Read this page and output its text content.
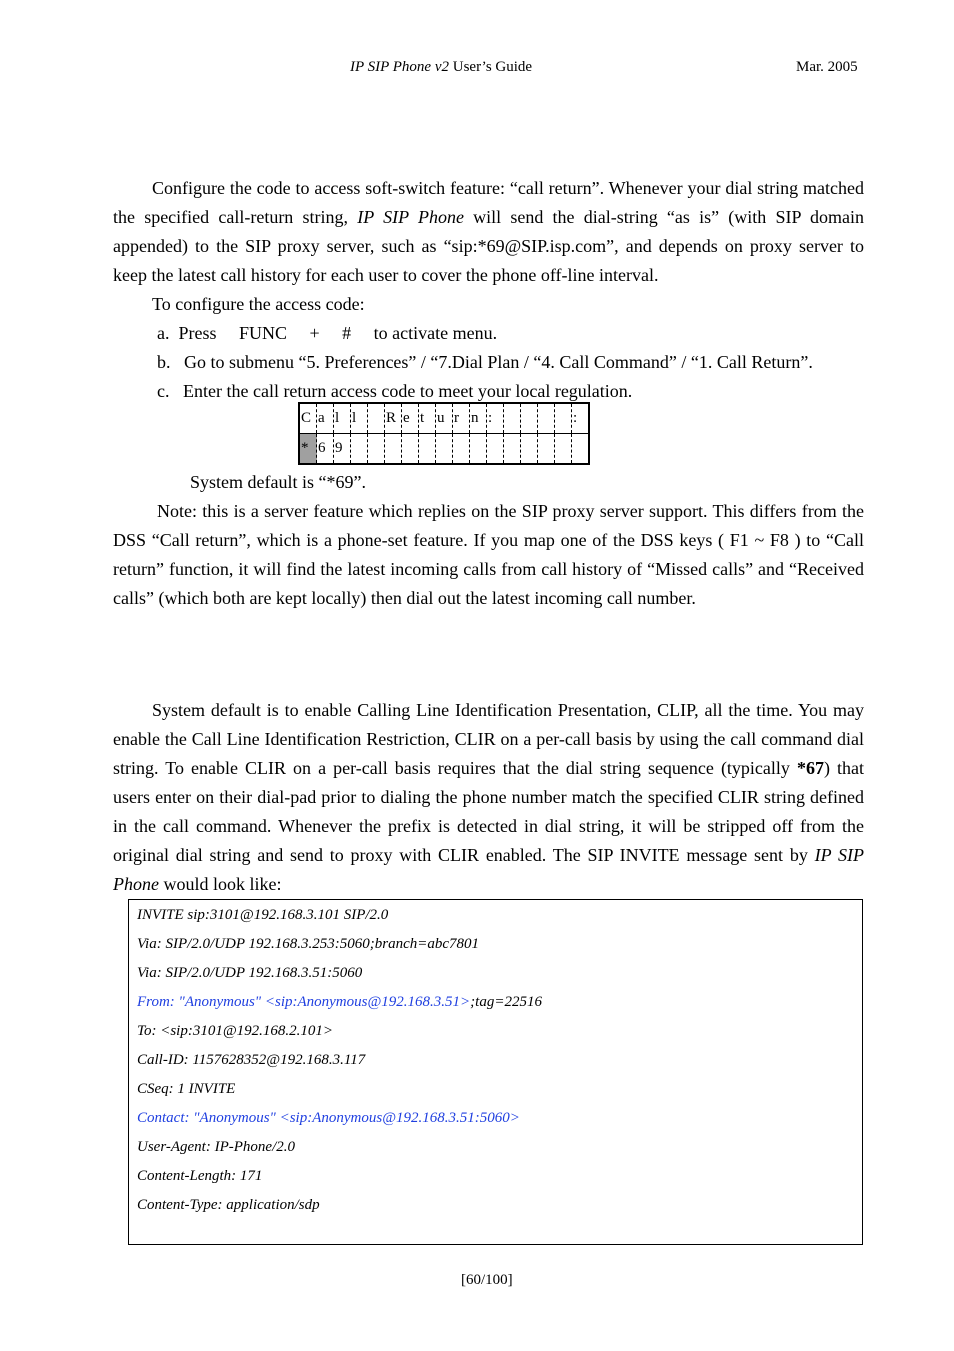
IP SIP Phone v2 User’s Guide	Mar. 2005

Configure the code to access soft-switch feature: “call return”. Whenever your dial string matched the specified call-return string, IP SIP Phone will send the dial-string “as is” (with SIP domain appended) to the SIP proxy server, such as “sip:*69@SIP.isp.com”, and depends on proxy server to keep the latest call history for each user to cover the phone off-line interval.

To configure the access code:
a.  Press     FUNC     +     #     to activate menu.
b.   Go to submenu “5. Preferences” / “7.Dial Plan / “4. Call Command” / “1. Call Return”.
c.   Enter the call return access code to meet your local regulation.
C	a	l	l		R	e	t	u	r	n	:					:
*	6	9														
System default is “*69”.

Note: this is a server feature which replies on the SIP proxy server support. This differs from the DSS “Call return”, which is a phone-set feature. If you map one of the DSS keys ( F1 ~ F8 ) to “Call return” function, it will find the latest incoming calls from call history of “Missed calls” and “Received calls” (which both are kept locally) then dial out the latest incoming call number.

System default is to enable Calling Line Identification Presentation, CLIP, all the time. You may enable the Call Line Identification Restriction, CLIR on a per-call basis by using the call command dial string. To enable CLIR on a per-call basis requires that the dial string sequence (typically *67) that users enter on their dial-pad prior to dialing the phone number match the specified CLIR string defined in the call command. Whenever the prefix is detected in dial string, it will be stripped off from the original dial string and send to proxy with CLIR enabled. The SIP INVITE message sent by IP SIP Phone would look like:

INVITE sip:3101@192.168.3.101 SIP/2.0
Via: SIP/2.0/UDP 192.168.3.253:5060;branch=abc7801
Via: SIP/2.0/UDP 192.168.3.51:5060
From: "Anonymous" <sip:Anonymous@192.168.3.51>;tag=22516
To: <sip:3101@192.168.2.101>
Call-ID: 1157628352@192.168.3.117
CSeq: 1 INVITE
Contact: "Anonymous" <sip:Anonymous@192.168.3.51:5060>
User-Agent: IP-Phone/2.0
Content-Length: 171
Content-Type: application/sdp
[60/100]
